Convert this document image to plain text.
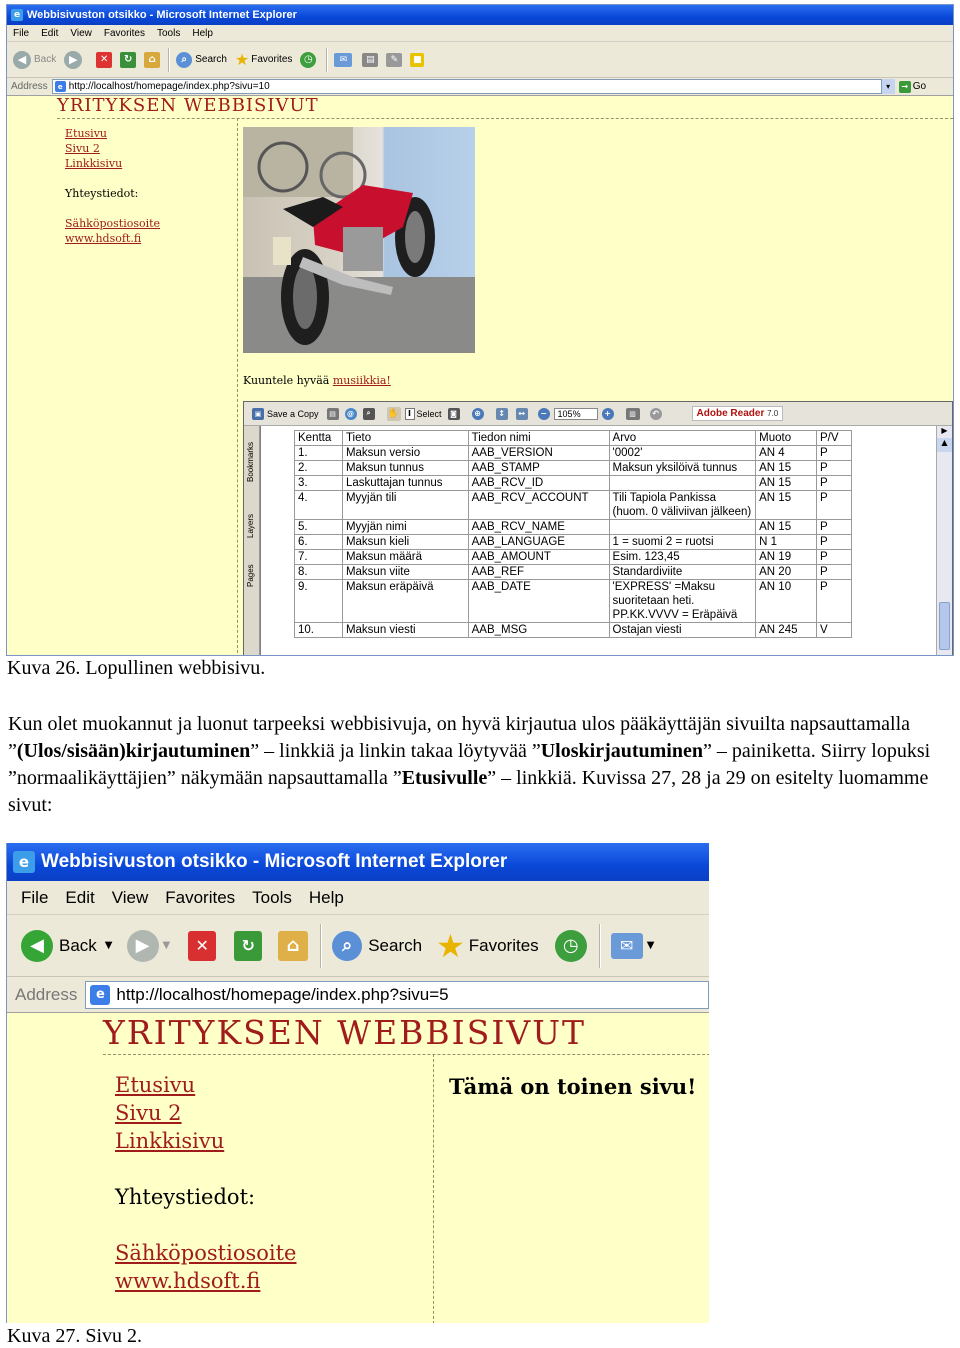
e Webbisivuston otsikko - Microsoft Internet Explorer
File Edit View Favorites Tools Help
◀ Back	▶	✕	↻	⌂	⌕ Search ★ Favorites	◷	✉	▤	✎	■
Address	e http://localhost/homepage/index.php?sivu=10	▾	→ Go
YRITYKSEN WEBBISIVUT
Etusivu
Sivu 2
Linkkisivu
Yhteystiedot:
Sähköpostiosoite
www.hdsoft.fi
Kuuntele hyvää musiikkia!
▣ Save a Copy	▤	@	⌕	✋	I Select	◙	⊕	↕	↔	−	105%	+	▥	↶	Adobe Reader 7.0
Bookmarks
Layers
Pages
Kentta	Tieto	Tiedon nimi	Arvo	Muoto	P/V
1.	Maksun versio	AAB_VERSION	'0002'	AN 4	P
2.	Maksun tunnus	AAB_STAMP	Maksun yksilöivä tunnus	AN 15	P
3.	Laskuttajan tunnus	AAB_RCV_ID		AN 15	P
4.	Myyjän tili	AAB_RCV_ACCOUNT	Tili Tapiola Pankissa (huom. 0 väliviivan jälkeen)	AN 15	P
5.	Myyjän nimi	AAB_RCV_NAME		AN 15	P
6.	Maksun kieli	AAB_LANGUAGE	1 = suomi 2 = ruotsi	N 1	P
7.	Maksun määrä	AAB_AMOUNT	Esim. 123,45	AN 19	P
8.	Maksun viite	AAB_REF	Standardiviite	AN 20	P
9.	Maksun eräpäivä	AAB_DATE	'EXPRESS' =Maksu suoritetaan heti. PP.KK.VVVV = Eräpäivä	AN 10	P
10.	Maksun viesti	AAB_MSG	Ostajan viesti	AN 245	V
▶
▲
Kuva 26. Lopullinen webbisivu.
Kun olet muokannut ja luonut tarpeeksi webbisivuja, on hyvä kirjautua ulos pääkäyttäjän sivuilta napsauttamalla ”(Ulos/sisään)kirjautuminen” – linkkiä ja linkin takaa löytyvää ”Uloskirjautuminen” – painiketta. Siirry lopuksi ”normaalikäyttäjien” näkymään napsauttamalla ”Etusivulle” – linkkiä. Kuvissa 27, 28 ja 29 on esitelty luomamme sivut:
e Webbisivuston otsikko - Microsoft Internet Explorer
File Edit View Favorites Tools Help
◀ Back ▼	▶	▼	✕	↻	⌂	⌕ Search ★ Favorites	◷	✉	▼
Address	e http://localhost/homepage/index.php?sivu=5
YRITYKSEN WEBBISIVUT
Etusivu
Sivu 2
Linkkisivu
Yhteystiedot:
Sähköpostiosoite
www.hdsoft.fi
Tämä on toinen sivu!
Kuva 27. Sivu 2.
